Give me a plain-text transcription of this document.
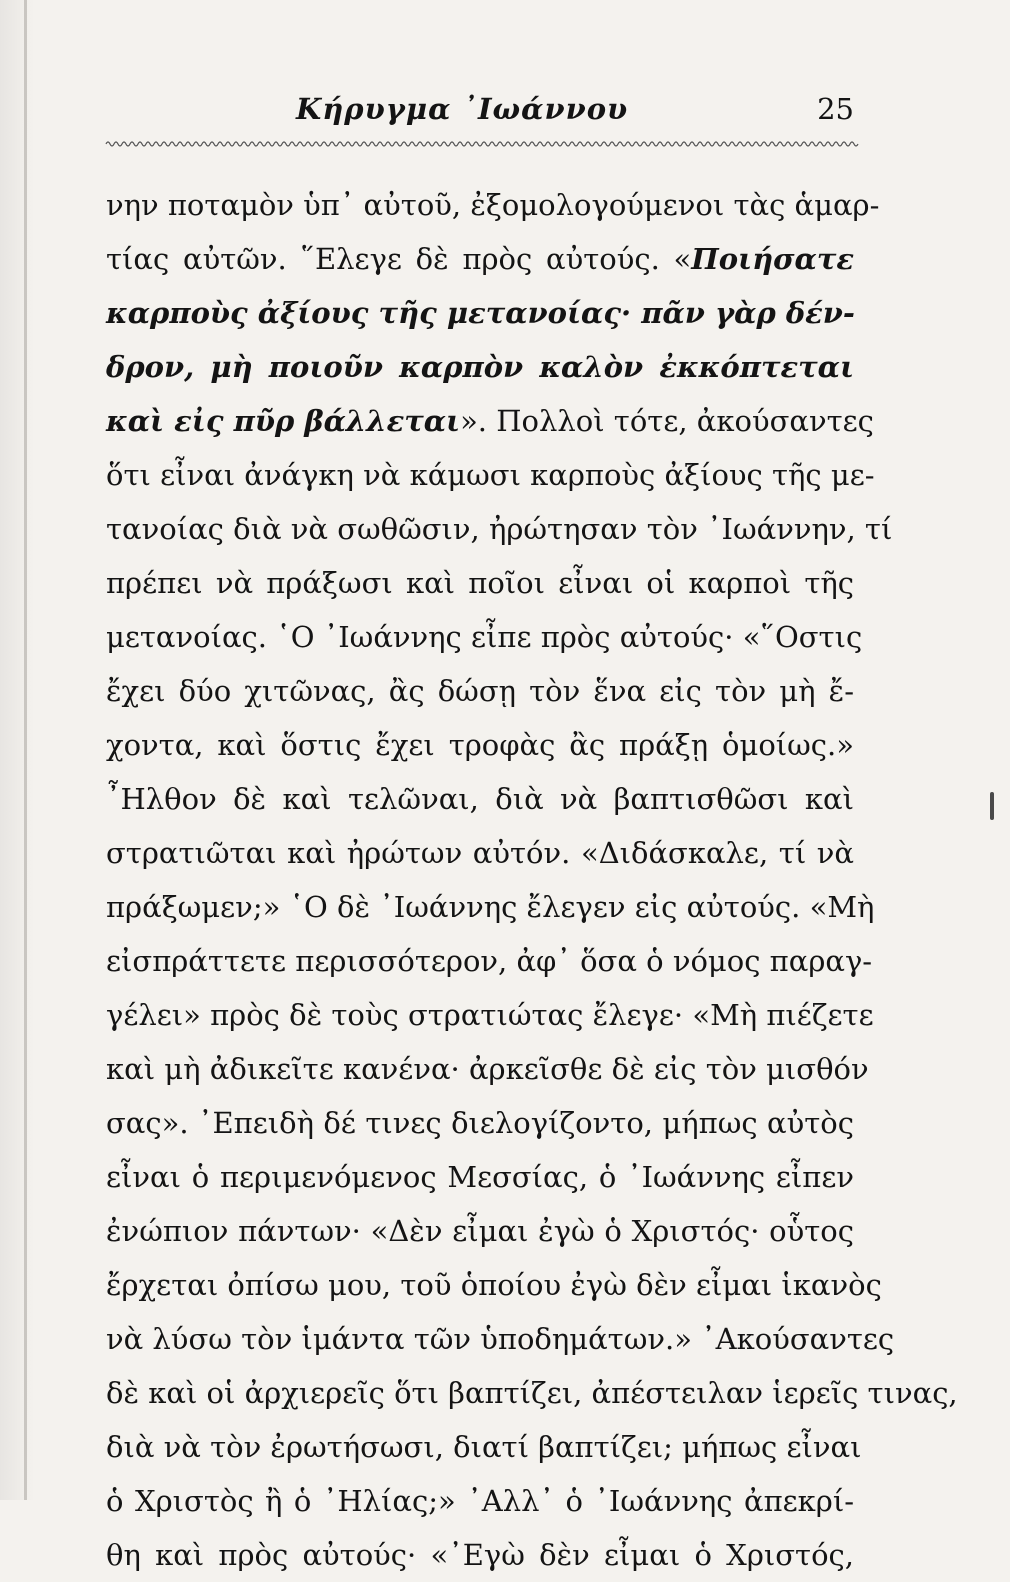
Κήρυγμα ᾿Ιωάννου	25
νην ποταμὸν ὑπ᾿ αὐτοῦ, ἐξομολογούμενοι τὰς ἁμαρ-
τίας αὐτῶν. ῞Ελεγε δὲ πρὸς αὐτούς. «Ποιήσατε
καρποὺς ἀξίους τῆς μετανοίας· πᾶν γὰρ δέν-
δρον, μὴ ποιοῦν καρπὸν καλὸν ἐκκόπτεται
καὶ εἰς πῦρ βάλλεται». Πολλοὶ τότε, ἀκούσαντες
ὅτι εἶναι ἀνάγκη νὰ κάμωσι καρποὺς ἀξίους τῆς με-
τανοίας διὰ νὰ σωθῶσιν, ἠρώτησαν τὸν ᾿Ιωάννην, τί
πρέπει νὰ πράξωσι καὶ ποῖοι εἶναι οἱ καρποὶ τῆς
μετανοίας. ῾Ο ᾿Ιωάννης εἶπε πρὸς αὐτούς· «῞Οστις
ἔχει δύο χιτῶνας, ἂς δώσῃ τὸν ἕνα εἰς τὸν μὴ ἔ-
χοντα, καὶ ὅστις ἔχει τροφὰς ἂς πράξῃ ὁμοίως.»
῏Ηλθον δὲ καὶ τελῶναι, διὰ νὰ βαπτισθῶσι καὶ
στρατιῶται καὶ ἠρώτων αὐτόν. «Διδάσκαλε, τί νὰ
πράξωμεν;» ῾Ο δὲ ᾿Ιωάννης ἔλεγεν εἰς αὐτούς. «Μὴ
εἰσπράττετε περισσότερον, ἀφ᾿ ὅσα ὁ νόμος παραγ-
γέλει» πρὸς δὲ τοὺς στρατιώτας ἔλεγε· «Μὴ πιέζετε
καὶ μὴ ἀδικεῖτε κανένα· ἀρκεῖσθε δὲ εἰς τὸν μισθόν
σας». ᾿Επειδὴ δέ τινες διελογίζοντο, μήπως αὐτὸς
εἶναι ὁ περιμενόμενος Μεσσίας, ὁ ᾿Ιωάννης εἶπεν
ἐνώπιον πάντων· «Δὲν εἶμαι ἐγὼ ὁ Χριστός· οὗτος
ἔρχεται ὀπίσω μου, τοῦ ὁποίου ἐγὼ δὲν εἶμαι ἱκανὸς
νὰ λύσω τὸν ἱμάντα τῶν ὑποδημάτων.» ᾿Ακούσαντες
δὲ καὶ οἱ ἀρχιερεῖς ὅτι βαπτίζει, ἀπέστειλαν ἱερεῖς τινας,
διὰ νὰ τὸν ἐρωτήσωσι, διατί βαπτίζει; μήπως εἶναι
ὁ Χριστὸς ἢ ὁ ᾿Ηλίας;» ᾿Αλλ᾿ ὁ ᾿Ιωάννης ἀπεκρί-
θη καὶ πρὸς αὐτούς· «᾿Εγὼ δὲν εἶμαι ὁ Χριστός,
